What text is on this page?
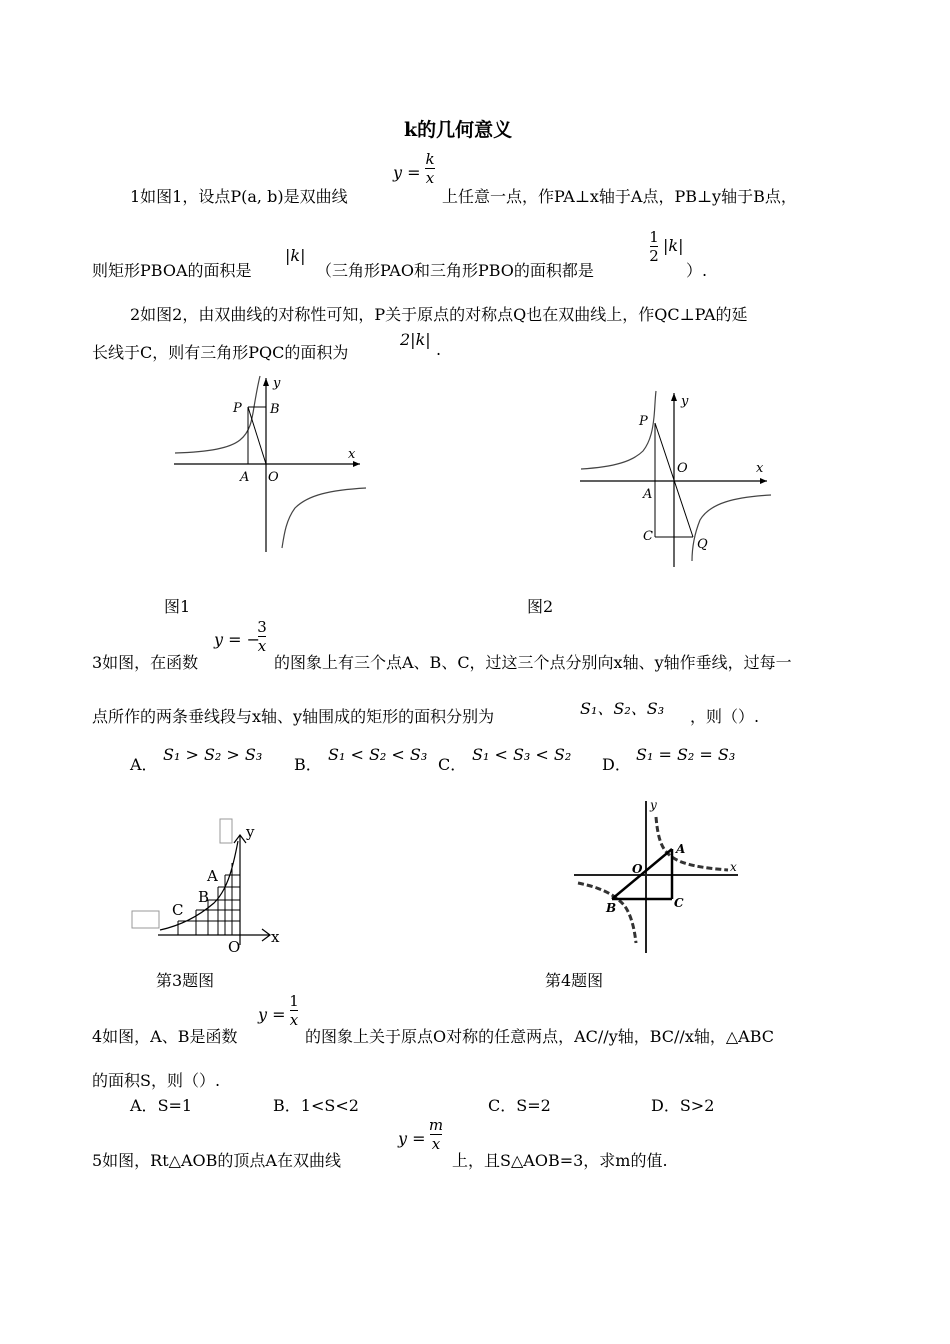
k的几何意义
1如图1，设点P(a, b)是双曲线
y =
k
x
上任意一点，作PA⊥x轴于A点，PB⊥y轴于B点，
则矩形PBOA的面积是
|k|
（三角形PAO和三角形PBO的面积都是
1
2
|k|
）.
2如图2，由双曲线的对称性可知，P关于原点的对称点Q也在双曲线上，作QC⊥PA的延
长线于C，则有三角形PQC的面积为
2|k|
.
P B
A O
x
y
图1
P
O
A
C
Q
x
y
图2
3如图，在函数
y = −
3
x
的图象上有三个点A、B、C，过这三个点分别向x轴、y轴作垂线，过每一
点所作的两条垂线段与x轴、y轴围成的矩形的面积分别为	S₁、S₂、S₃ ，则（）.
A．
S₁ > S₂ > S₃
B．
S₁ < S₂ < S₃
C．
S₁ < S₃ < S₂
D．
S₁ = S₂ = S₃
C
B
A
O
x
y
第3题图
A
B	C
O	x
y
第4题图
4如图，A、B是函数
y =
1
x
的图象上关于原点O对称的任意两点，AC//y轴，BC//x轴，△ABC
的面积S，则（）.
A．S=1	B．1<S<2	C．S=2	D．S>2
5如图，Rt△AOB的顶点A在双曲线
y =
m
x
上，且S△AOB=3，求m的值.
